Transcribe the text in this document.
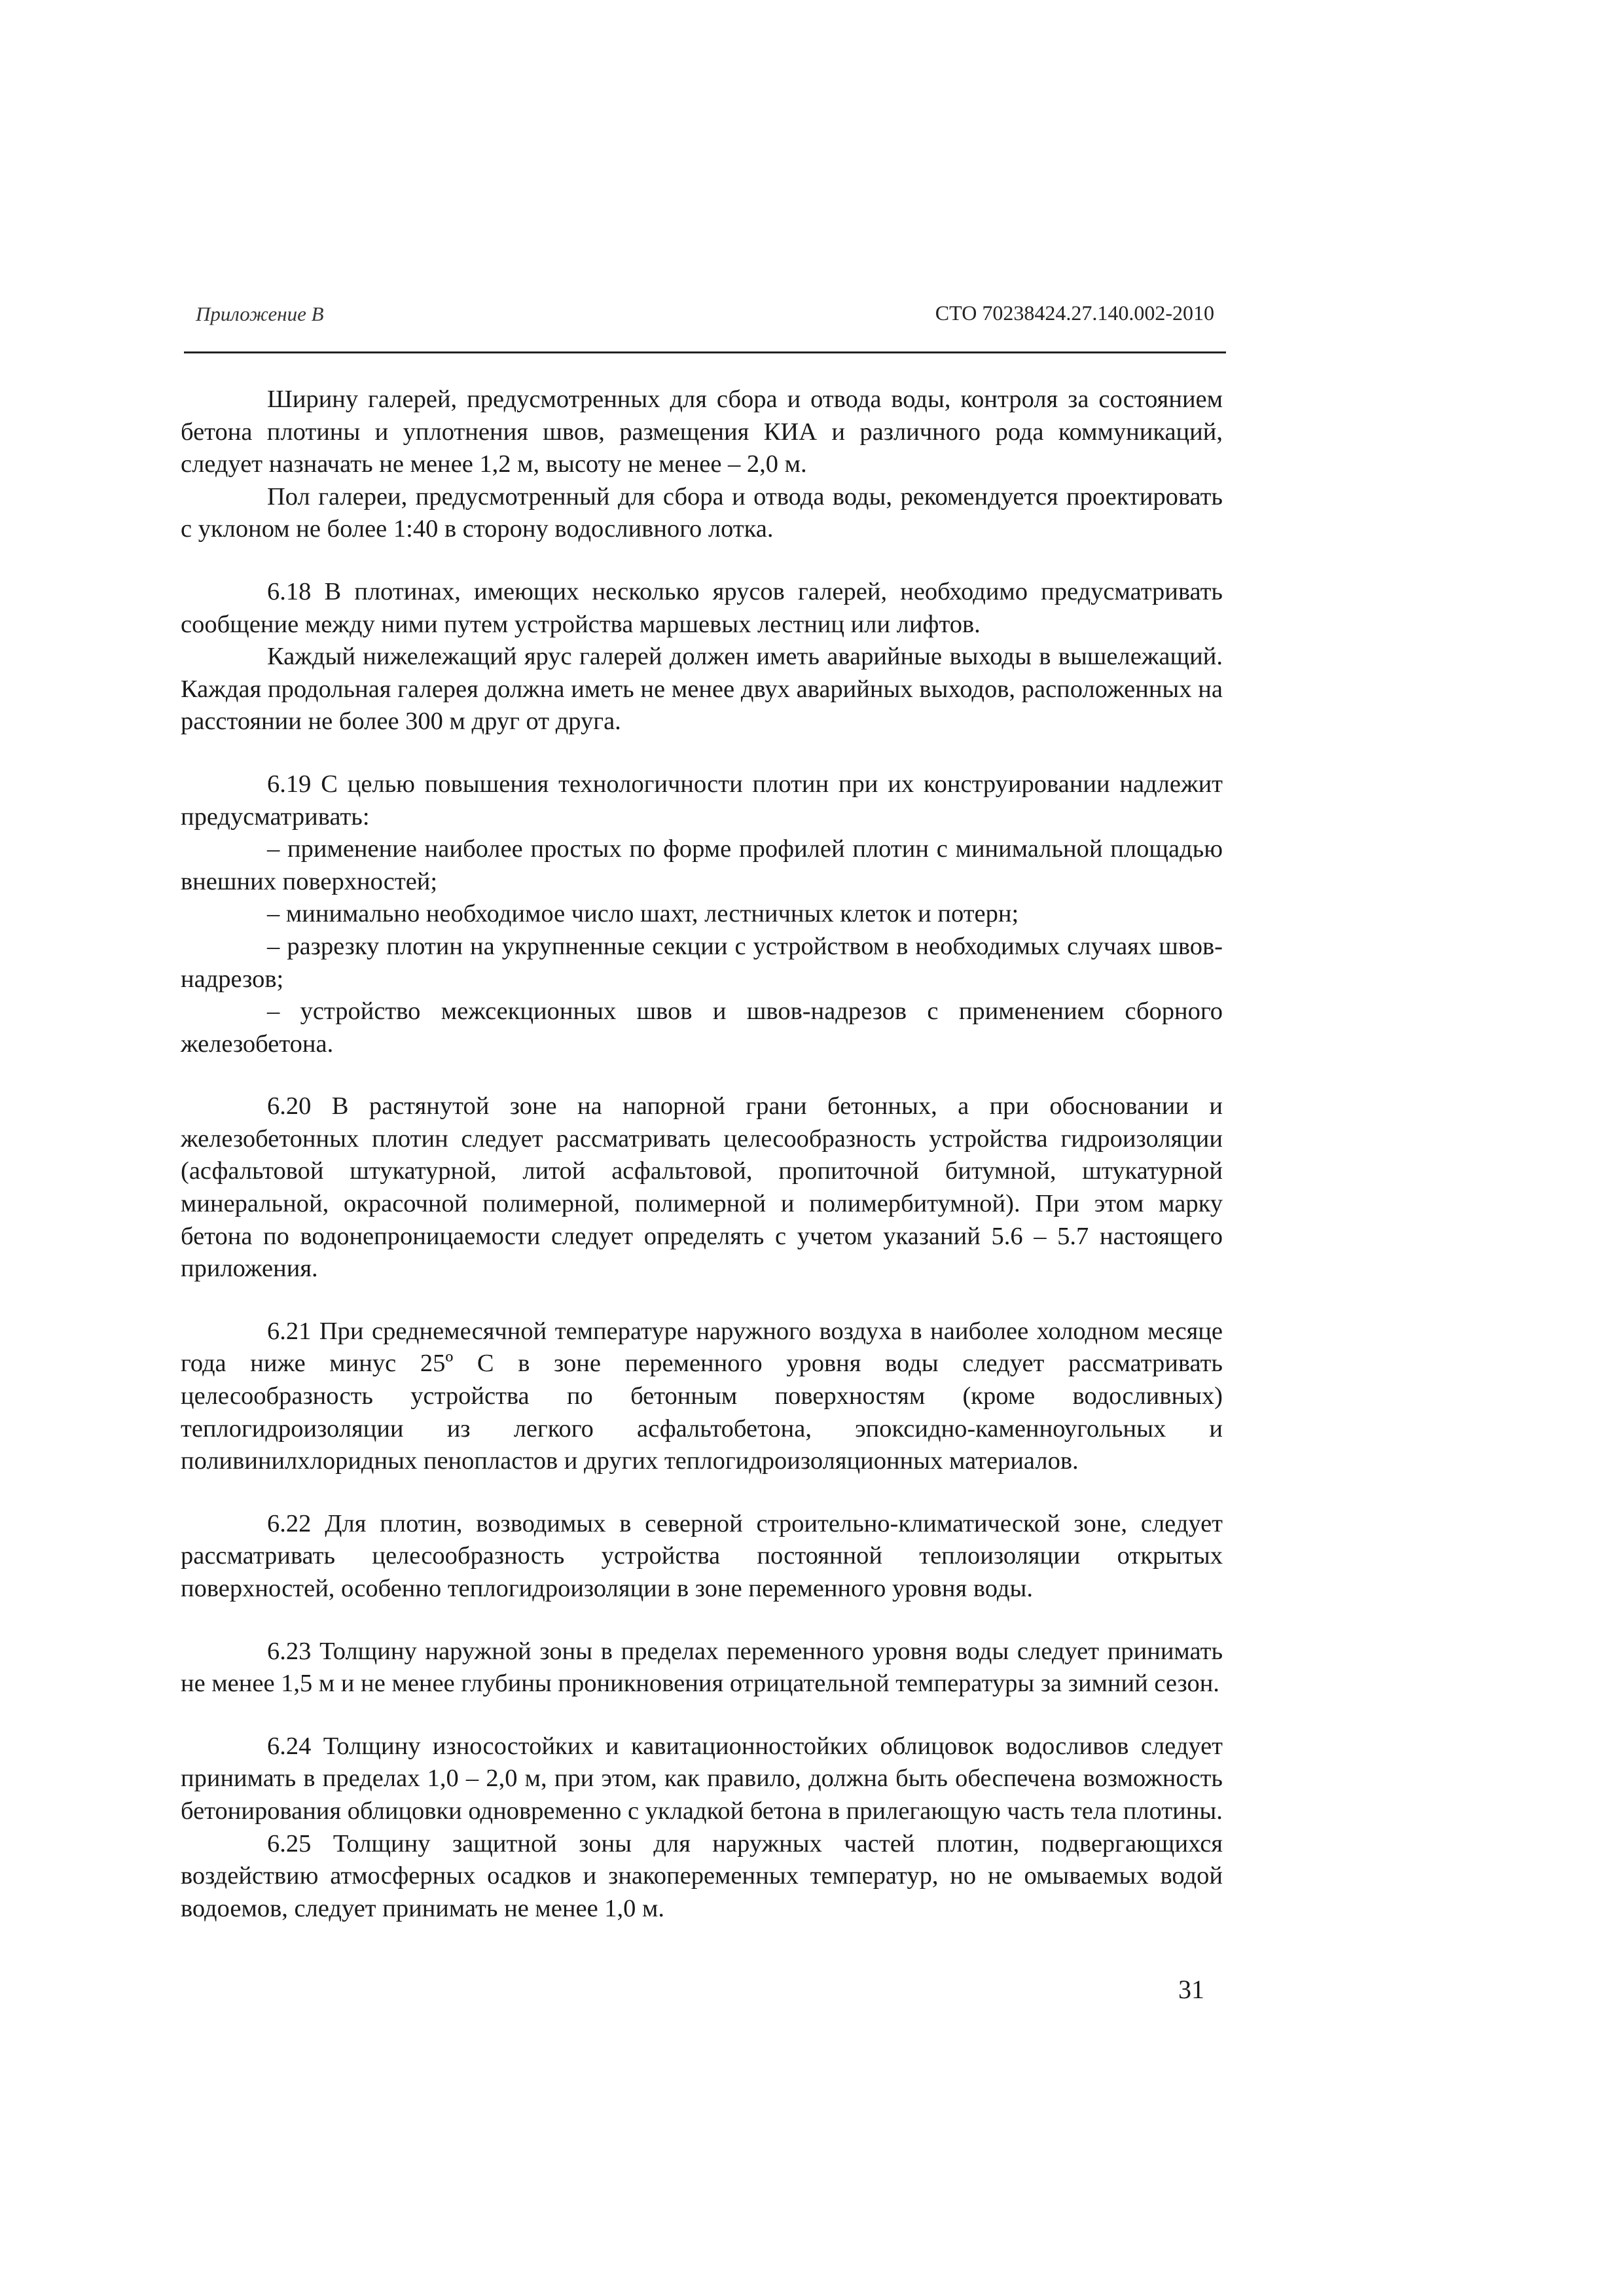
Приложение В	СТО 70238424.27.140.002-2010

Ширину галерей, предусмотренных для сбора и отвода воды, контроля за состоянием бетона плотины и уплотнения швов, размещения КИА и различного рода коммуникаций, следует назначать не менее 1,2 м, высоту не менее – 2,0 м.

Пол галереи, предусмотренный для сбора и отвода воды, рекомендуется проектировать с уклоном не более 1:40 в сторону водосливного лотка.

6.18 В плотинах, имеющих несколько ярусов галерей, необходимо предусматривать сообщение между ними путем устройства маршевых лестниц или лифтов.

Каждый нижележащий ярус галерей должен иметь аварийные выходы в вышележащий. Каждая продольная галерея должна иметь не менее двух аварийных выходов, расположенных на расстоянии не более 300 м друг от друга.

6.19 С целью повышения технологичности плотин при их конструировании надлежит предусматривать:

– применение наиболее простых по форме профилей плотин с минимальной площадью внешних поверхностей;

– минимально необходимое число шахт, лестничных клеток и потерн;

– разрезку плотин на укрупненные секции с устройством в необходимых случаях швов-надрезов;

– устройство межсекционных швов и швов-надрезов с применением сборного железобетона.

6.20 В растянутой зоне на напорной грани бетонных, а при обосновании и железобетонных плотин следует рассматривать целесообразность устройства гидроизоляции (асфальтовой штукатурной, литой асфальтовой, пропиточной битумной, штукатурной минеральной, окрасочной полимерной, полимерной и полимербитумной). При этом марку бетона по водонепроницаемости следует определять с учетом указаний 5.6 – 5.7 настоящего приложения.

6.21 При среднемесячной температуре наружного воздуха в наиболее холодном месяце года ниже минус 25º С в зоне переменного уровня воды следует рассматривать целесообразность устройства по бетонным поверхностям (кроме водосливных) теплогидроизоляции из легкого асфальтобетона, эпоксидно-каменноугольных и поливинилхлоридных пенопластов и других теплогидроизоляционных материалов.

6.22 Для плотин, возводимых в северной строительно-климатической зоне, следует рассматривать целесообразность устройства постоянной теплоизоляции открытых поверхностей, особенно теплогидроизоляции в зоне переменного уровня воды.

6.23 Толщину наружной зоны в пределах переменного уровня воды следует принимать не менее 1,5 м и не менее глубины проникновения отрицательной температуры за зимний сезон.

6.24 Толщину износостойких и кавитационностойких облицовок водосливов следует принимать в пределах 1,0 – 2,0 м, при этом, как правило, должна быть обеспечена возможность бетонирования облицовки одновременно с укладкой бетона в прилегающую часть тела плотины.

6.25 Толщину защитной зоны для наружных частей плотин, подвергающихся воздействию атмосферных осадков и знакопеременных температур, но не омываемых водой водоемов, следует принимать не менее 1,0 м.

31
